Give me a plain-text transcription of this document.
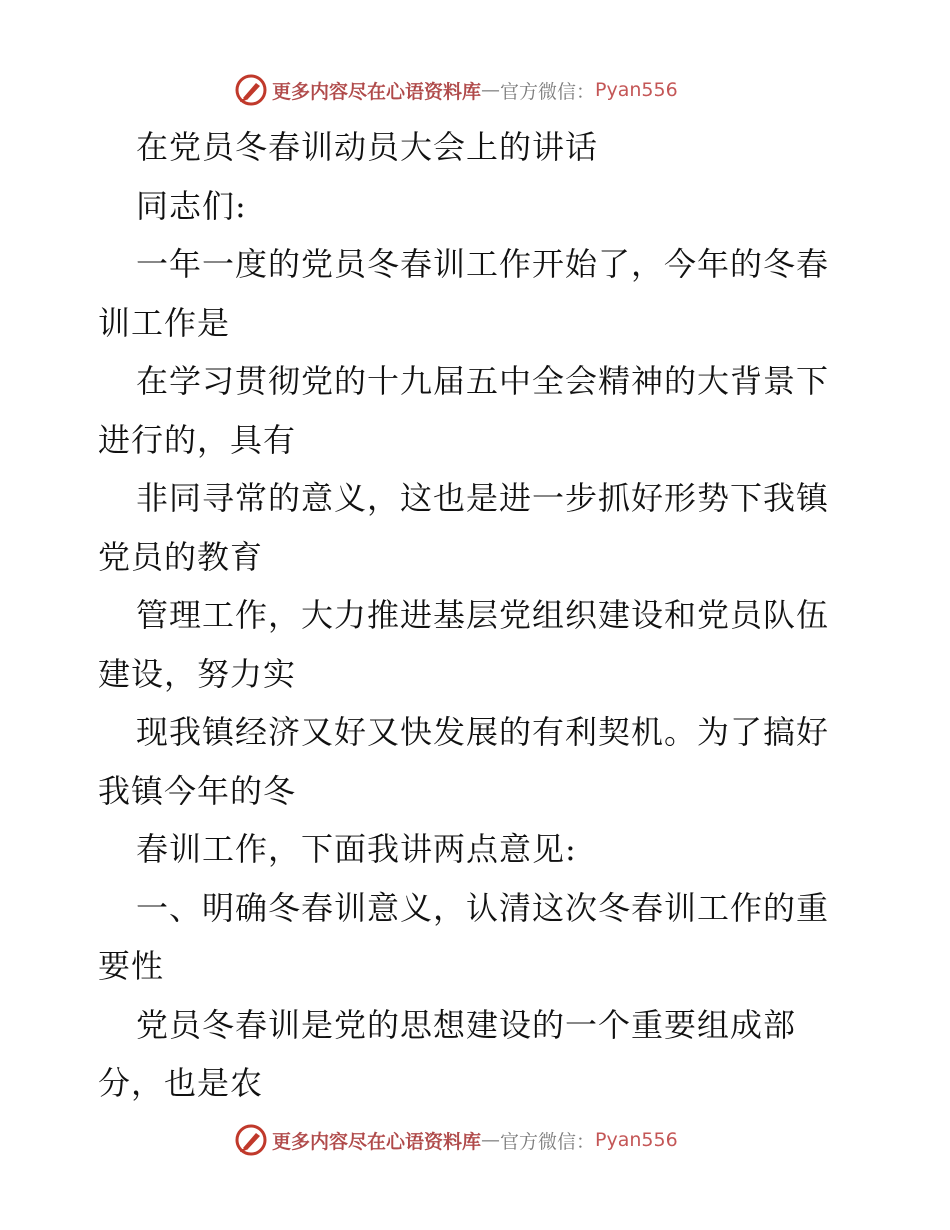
更多内容尽在心语资料库 — 官方微信： Pyan556
在党员冬春训动员大会上的讲话
同志们:
一年一度的党员冬春训工作开始了，今年的冬春
训工作是
在学习贯彻党的十九届五中全会精神的大背景下
进行的，具有
非同寻常的意义，这也是进一步抓好形势下我镇
党员的教育
管理工作，大力推进基层党组织建设和党员队伍
建设，努力实
现我镇经济又好又快发展的有利契机。为了搞好
我镇今年的冬
春训工作，下面我讲两点意见:
一、明确冬春训意义，认清这次冬春训工作的重
要性
党员冬春训是党的思想建设的一个重要组成部
分，也是农
更多内容尽在心语资料库 — 官方微信： Pyan556
